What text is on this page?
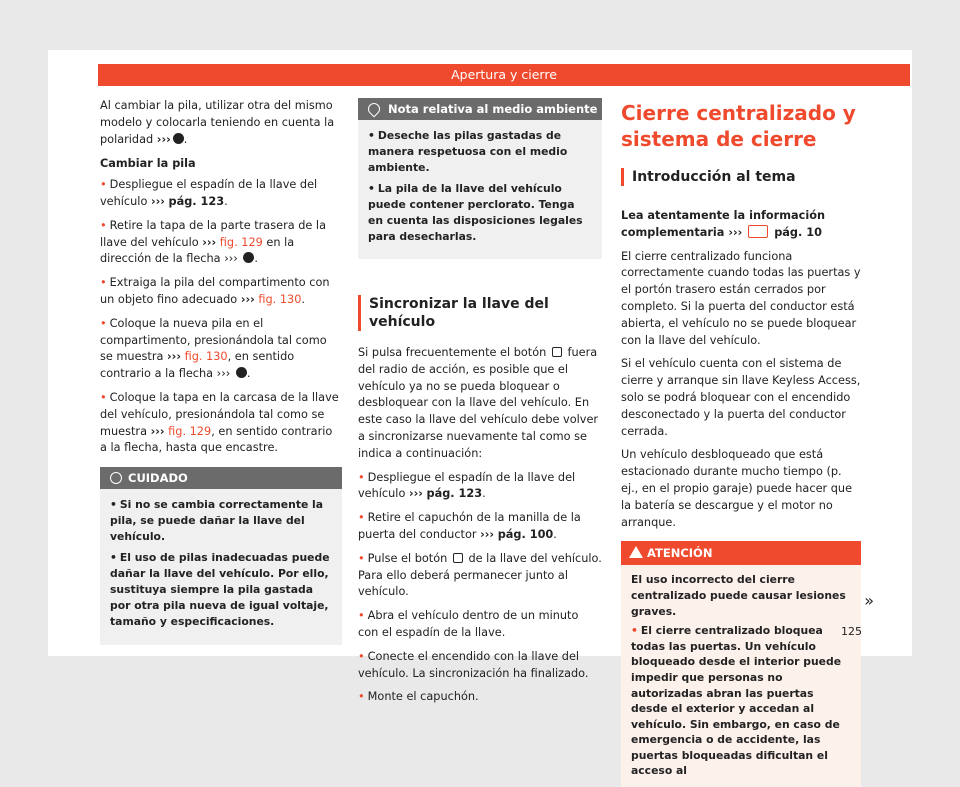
Apertura y cierre
Al cambiar la pila, utilizar otra del mismo modelo y colocarla teniendo en cuenta la polaridad ››› .
Cambiar la pila
• Despliegue el espadín de la llave del vehículo ››› pág. 123.
• Retire la tapa de la parte trasera de la llave del vehículo ››› fig. 129 en la dirección de la flecha ››› .
• Extraiga la pila del compartimento con un objeto fino adecuado ››› fig. 130.
• Coloque la nueva pila en el compartimento, presionándola tal como se muestra ››› fig. 130, en sentido contrario a la flecha ››› .
• Coloque la tapa en la carcasa de la llave del vehículo, presionándola tal como se muestra ››› fig. 129, en sentido contrario a la flecha, hasta que encastre.
CUIDADO
• Si no se cambia correctamente la pila, se puede dañar la llave del vehículo.
• El uso de pilas inadecuadas puede dañar la llave del vehículo. Por ello, sustituya siempre la pila gastada por otra pila nueva de igual voltaje, tamaño y especificaciones.
Nota relativa al medio ambiente
• Deseche las pilas gastadas de manera respetuosa con el medio ambiente.
• La pila de la llave del vehículo puede contener perclorato. Tenga en cuenta las disposiciones legales para desecharlas.
Sincronizar la llave del vehículo
Si pulsa frecuentemente el botón fuera del radio de acción, es posible que el vehículo ya no se pueda bloquear o desbloquear con la llave del vehículo. En este caso la llave del vehículo debe volver a sincronizarse nuevamente tal como se indica a continuación:
• Despliegue el espadín de la llave del vehículo ››› pág. 123.
• Retire el capuchón de la manilla de la puerta del conductor ››› pág. 100.
• Pulse el botón de la llave del vehículo. Para ello deberá permanecer junto al vehículo.
• Abra el vehículo dentro de un minuto con el espadín de la llave.
• Conecte el encendido con la llave del vehículo. La sincronización ha finalizado.
• Monte el capuchón.
Cierre centralizado y sistema de cierre
Introducción al tema
Lea atentamente la información complementaria ›››	pág. 10
El cierre centralizado funciona correctamente cuando todas las puertas y el portón trasero están cerrados por completo. Si la puerta del conductor está abierta, el vehículo no se puede bloquear con la llave del vehículo.
Si el vehículo cuenta con el sistema de cierre y arranque sin llave Keyless Access, solo se podrá bloquear con el encendido desconectado y la puerta del conductor cerrada.
Un vehículo desbloqueado que está estacionado durante mucho tiempo (p. ej., en el propio garaje) puede hacer que la batería se descargue y el motor no arranque.
ATENCIÓN
El uso incorrecto del cierre centralizado puede causar lesiones graves.
• El cierre centralizado bloquea todas las puertas. Un vehículo bloqueado desde el interior puede impedir que personas no autorizadas abran las puertas desde el exterior y accedan al vehículo. Sin embargo, en caso de emergencia o de accidente, las puertas bloqueadas dificultan el acceso al
»
125
